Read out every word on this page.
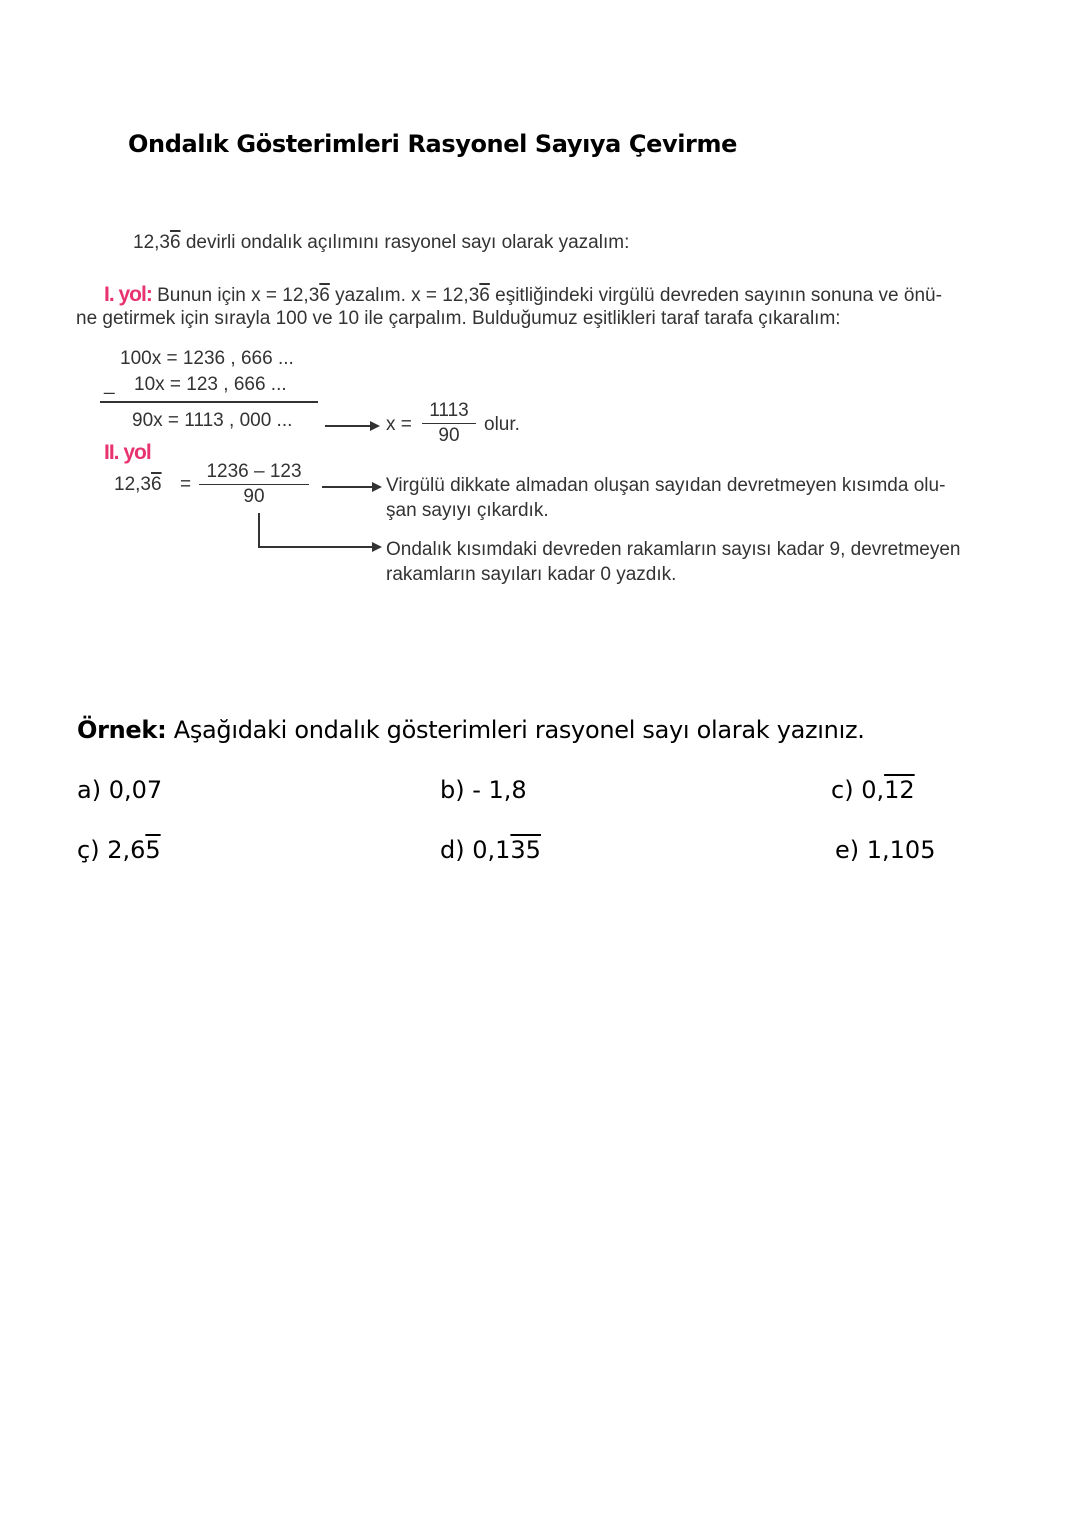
Ondalık Gösterimleri Rasyonel Sayıya Çevirme
12,36 devirli ondalık açılımını rasyonel sayı olarak yazalım:
I. yol: Bunun için x = 12,36 yazalım. x = 12,36 eşitliğindeki virgülü devreden sayının sonuna ve önü-
ne getirmek için sırayla 100 ve 10 ile çarpalım. Bulduğumuz eşitlikleri taraf tarafa çıkaralım:
100x = 1236 , 666 ...
_ 10x = 123 , 666 ...
90x = 1113 , 000 ...	$x = \frac{1113}{90}$ olur.
II. yol
$12,36 = \frac{1236 - 123}{90}$	Virgülü dikkate almadan oluşan sayıdan devretmeyen kısımda olu-
şan sayıyı çıkardık.
Ondalık kısımdaki devreden rakamların sayısı kadar 9, devretmeyen
rakamların sayıları kadar 0 yazdık.
Örnek: Aşağıdaki ondalık gösterimleri rasyonel sayı olarak yazınız.
a) 0,07	b) - 1,8	c) 0,12
ç) 2,65	d) 0,135	e) 1,105
